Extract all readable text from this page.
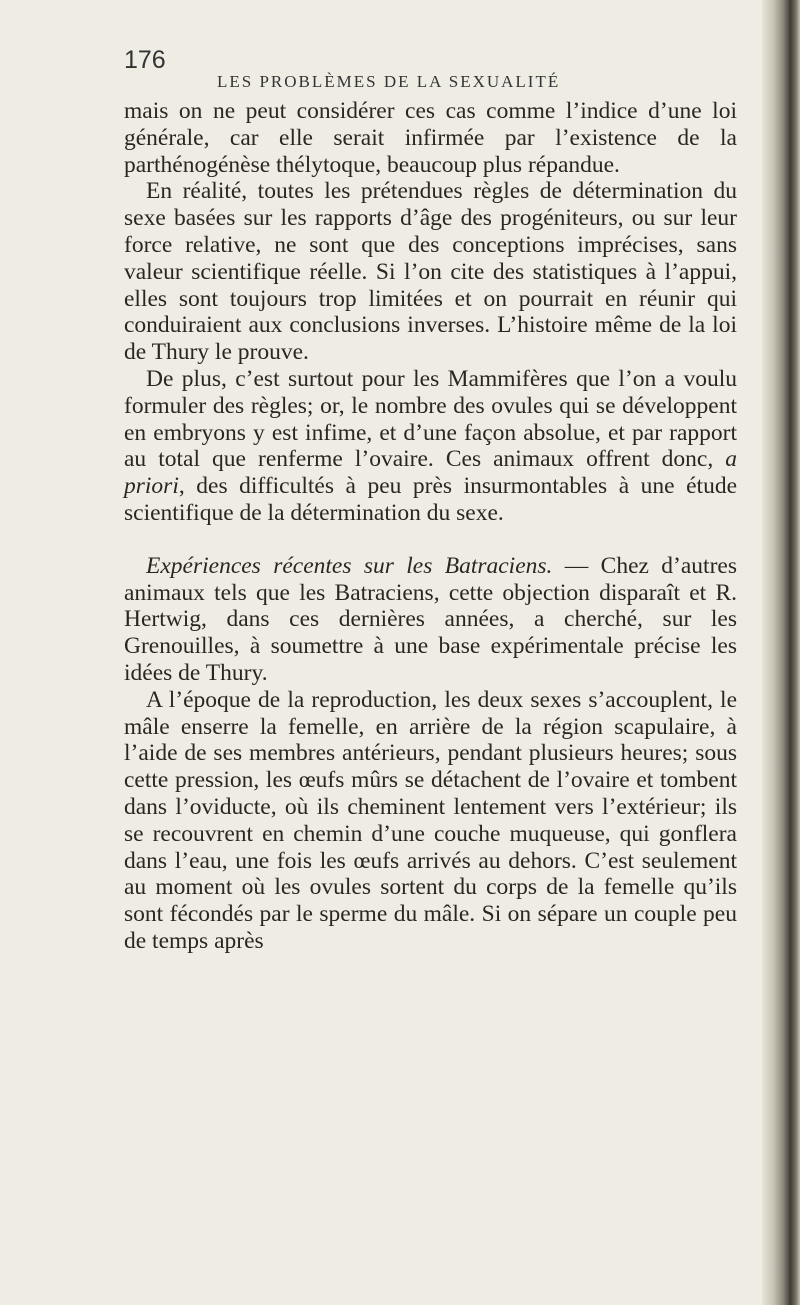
176
LES PROBLÈMES DE LA SEXUALITÉ

mais on ne peut considérer ces cas comme l’indice d’une loi générale, car elle serait infirmée par l’existence de la parthénogénèse thélytoque, beaucoup plus répandue.

En réalité, toutes les prétendues règles de détermination du sexe basées sur les rapports d’âge des progéniteurs, ou sur leur force relative, ne sont que des conceptions imprécises, sans valeur scientifique réelle. Si l’on cite des statistiques à l’appui, elles sont toujours trop limitées et on pourrait en réunir qui conduiraient aux conclusions inverses. L’histoire même de la loi de Thury le prouve.

De plus, c’est surtout pour les Mammifères que l’on a voulu formuler des règles; or, le nombre des ovules qui se développent en embryons y est infime, et d’une façon absolue, et par rapport au total que renferme l’ovaire. Ces animaux offrent donc, a priori, des difficultés à peu près insurmontables à une étude scientifique de la détermination du sexe.

Expériences récentes sur les Batraciens. — Chez d’autres animaux tels que les Batraciens, cette objection disparaît et R. Hertwig, dans ces dernières années, a cherché, sur les Grenouilles, à soumettre à une base expérimentale précise les idées de Thury.

A l’époque de la reproduction, les deux sexes s’accouplent, le mâle enserre la femelle, en arrière de la région scapulaire, à l’aide de ses membres antérieurs, pendant plusieurs heures; sous cette pression, les œufs mûrs se détachent de l’ovaire et tombent dans l’oviducte, où ils cheminent lentement vers l’extérieur; ils se recouvrent en chemin d’une couche muqueuse, qui gonflera dans l’eau, une fois les œufs arrivés au dehors. C’est seulement au moment où les ovules sortent du corps de la femelle qu’ils sont fécondés par le sperme du mâle. Si on sépare un couple peu de temps après
